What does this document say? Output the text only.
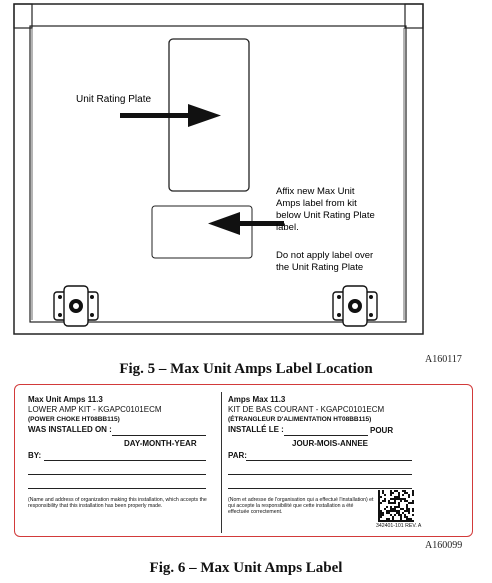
Unit Rating Plate
Affix new Max Unit
Amps label from kit
below Unit Rating Plate
label.
Do not apply label over
the Unit Rating Plate
A160117
Fig. 5 – Max Unit Amps Label Location
Max Unit Amps 11.3
LOWER AMP KIT - KGAPC0101ECM
(POWER CHOKE HT08BB115)
WAS INSTALLED ON :
DAY-MONTH-YEAR
BY:
(Name and address of organization making this installation, which accepts the responsibility that this installation has been properly made.
Amps Max 11.3
KIT DE BAS COURANT - KGAPC0101ECM
(ÉTRANGLEUR D'ALIMENTATION HT08BB115)
INSTALLÉ LE :	POUR
JOUR-MOIS-ANNEE
PAR:
(Nom et adresse de l'organisation qui a effectué l'installation) et qui accepte la responsibilité que cette installation a été effectuée correctement.
342401-101 REV. A
A160099
Fig. 6 – Max Unit Amps Label
